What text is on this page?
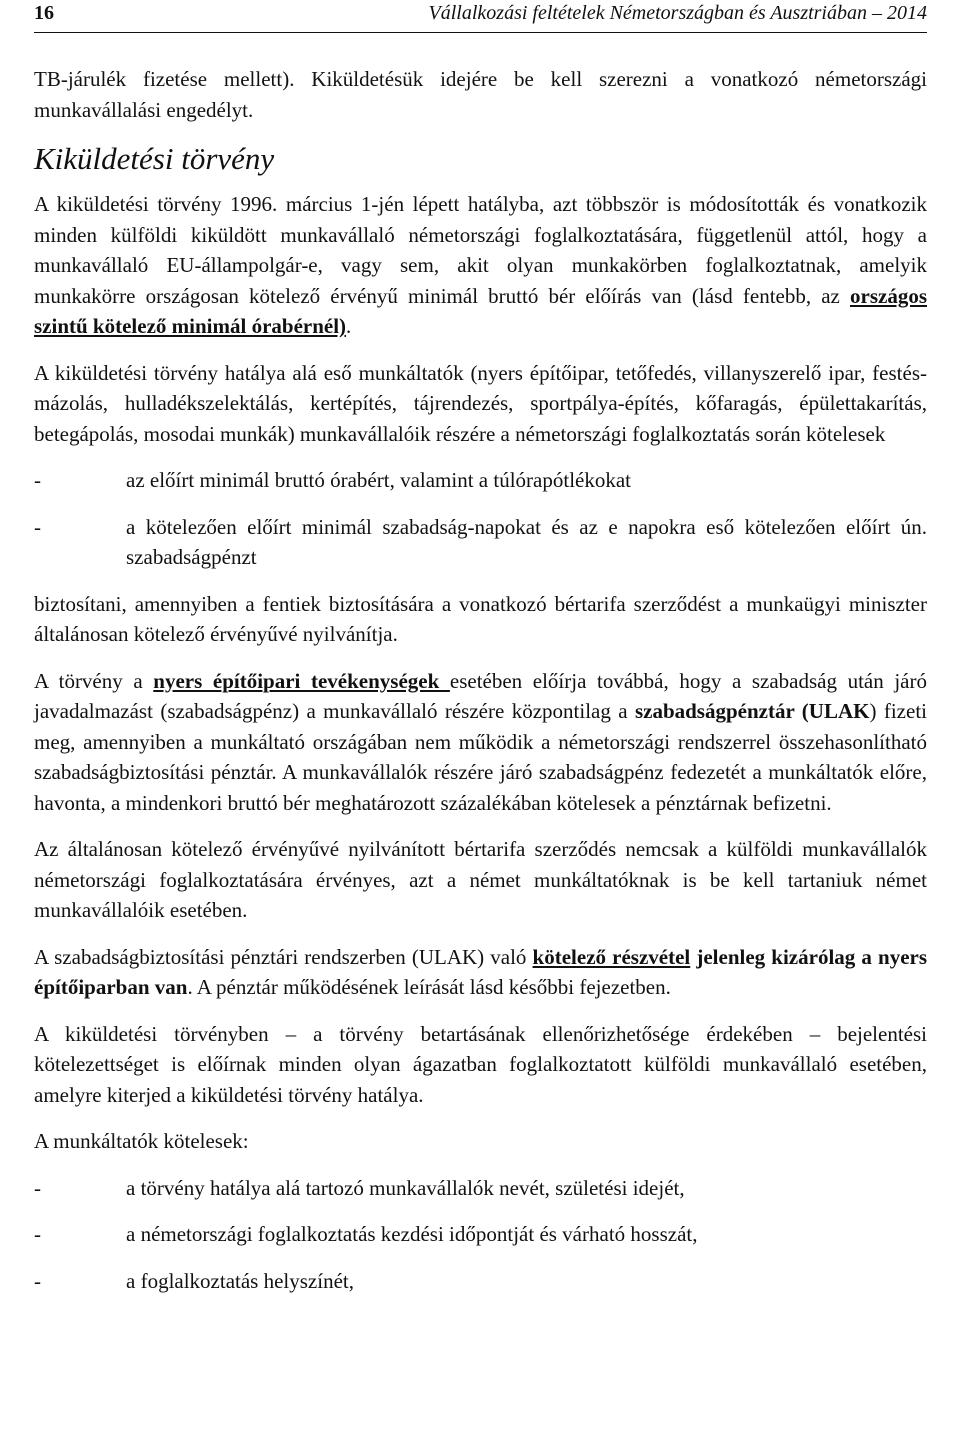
16	Vállalkozási feltételek Németországban és Ausztriában – 2014

TB-járulék fizetése mellett). Kiküldetésük idejére be kell szerezni a vonatkozó németországi munkavállalási engedélyt.

Kiküldetési törvény

A kiküldetési törvény 1996. március 1-jén lépett hatályba, azt többször is módosították és vonatkozik minden külföldi kiküldött munkavállaló németországi foglalkoztatására, függetlenül attól, hogy a munkavállaló EU-állampolgár-e, vagy sem, akit olyan munkakörben foglalkoztatnak, amelyik munkakörre országosan kötelező érvényű minimál bruttó bér előírás van (lásd fentebb, az országos szintű kötelező minimál órabérnél).

A kiküldetési törvény hatálya alá eső munkáltatók (nyers építőipar, tetőfedés, villanyszerelő ipar, festés-mázolás, hulladékszelektálás, kertépítés, tájrendezés, sportpálya-építés, kőfaragás, épülettakarítás, betegápolás, mosodai munkák) munkavállalóik részére a németországi foglalkoztatás során kötelesek

-	az előírt minimál bruttó órabért, valamint a túlórapótlékokat
-	a kötelezően előírt minimál szabadság-napokat és az e napokra eső kötelezően előírt ún. szabadságpénzt

biztosítani, amennyiben a fentiek biztosítására a vonatkozó bértarifa szerződést a munkaügyi miniszter általánosan kötelező érvényűvé nyilvánítja.

A törvény a nyers építőipari tevékenységek esetében előírja továbbá, hogy a szabadság után járó javadalmazást (szabadságpénz) a munkavállaló részére központilag a szabadságpénztár (ULAK) fizeti meg, amennyiben a munkáltató országában nem működik a németországi rendszerrel összehasonlítható szabadságbiztosítási pénztár. A munkavállalók részére járó szabadságpénz fedezetét a munkáltatók előre, havonta, a mindenkori bruttó bér meghatározott százalékában kötelesek a pénztárnak befizetni.

Az általánosan kötelező érvényűvé nyilvánított bértarifa szerződés nemcsak a külföldi munkavállalók németországi foglalkoztatására érvényes, azt a német munkáltatóknak is be kell tartaniuk német munkavállalóik esetében.

A szabadságbiztosítási pénztári rendszerben (ULAK) való kötelező részvétel jelenleg kizárólag a nyers építőiparban van. A pénztár működésének leírását lásd későbbi fejezetben.

A kiküldetési törvényben – a törvény betartásának ellenőrizhetősége érdekében – bejelentési kötelezettséget is előírnak minden olyan ágazatban foglalkoztatott külföldi munkavállaló esetében, amelyre kiterjed a kiküldetési törvény hatálya.

A munkáltatók kötelesek:

-	a törvény hatálya alá tartozó munkavállalók nevét, születési idejét,
-	a németországi foglalkoztatás kezdési időpontját és várható hosszát,
-	a foglalkoztatás helyszínét,
